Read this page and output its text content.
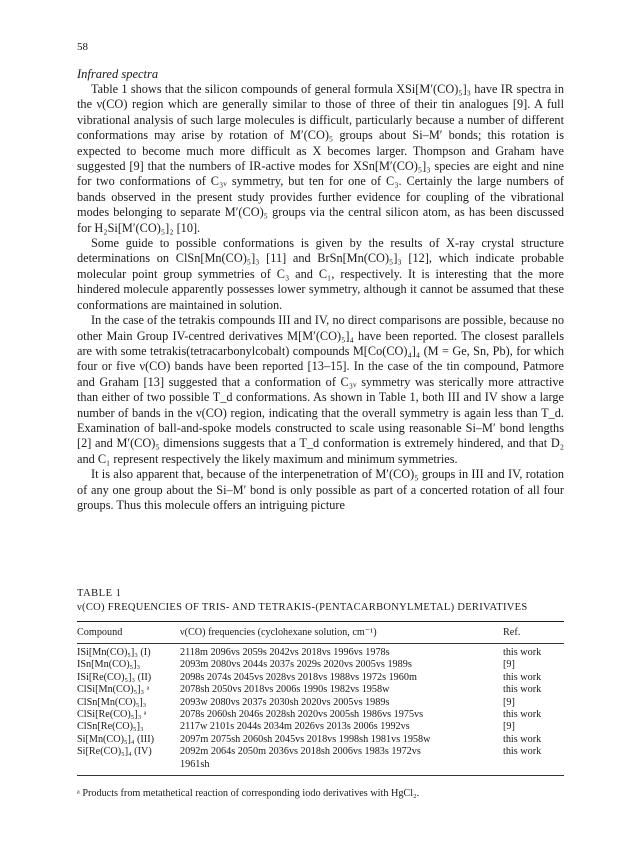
58

Infrared spectra

Table 1 shows that the silicon compounds of general formula XSi[M′(CO)₅]₃ have IR spectra in the ν(CO) region which are generally similar to those of three of their tin analogues [9]. A full vibrational analysis of such large molecules is difficult, particularly because a number of different conformations may arise by rotation of M′(CO)₅ groups about Si–M′ bonds; this rotation is expected to become much more difficult as X becomes larger. Thompson and Graham have suggested [9] that the numbers of IR-active modes for XSn[M′(CO)₅]₃ species are eight and nine for two conformations of C₃ᵥ symmetry, but ten for one of C₃. Certainly the large numbers of bands observed in the present study provides further evidence for coupling of the vibrational modes belonging to separate M′(CO)₅ groups via the central silicon atom, as has been discussed for H₂Si[M′(CO)₅]₂ [10].

Some guide to possible conformations is given by the results of X-ray crystal structure determinations on ClSn[Mn(CO)₅]₃ [11] and BrSn[Mn(CO)₅]₃ [12], which indicate probable molecular point group symmetries of C₃ and C₁, respectively. It is interesting that the more hindered molecule apparently possesses lower symmetry, although it cannot be assumed that these conformations are maintained in solution.

In the case of the tetrakis compounds III and IV, no direct comparisons are possible, because no other Main Group IV-centred derivatives M[M′(CO)₅]₄ have been reported. The closest parallels are with some tetrakis(tetracarbonylcobalt) compounds M[Co(CO)₄]₄ (M = Ge, Sn, Pb), for which four or five ν(CO) bands have been reported [13–15]. In the case of the tin compound, Patmore and Graham [13] suggested that a conformation of C₃ᵥ symmetry was sterically more attractive than either of two possible T_d conformations. As shown in Table 1, both III and IV show a large number of bands in the ν(CO) region, indicating that the overall symmetry is again less than T_d. Examination of ball-and-spoke models constructed to scale using reasonable Si–M′ bond lengths [2] and M′(CO)₅ dimensions suggests that a T_d conformation is extremely hindered, and that D₂ and C₁ represent respectively the likely maximum and minimum symmetries.

It is also apparent that, because of the interpenetration of M′(CO)₅ groups in III and IV, rotation of any one group about the Si–M′ bond is only possible as part of a concerted rotation of all four groups. Thus this molecule offers an intriguing picture

TABLE 1
ν(CO) FREQUENCIES OF TRIS- AND TETRAKIS-(PENTACARBONYLMETAL) DERIVATIVES
Compound	ν(CO) frequencies (cyclohexane solution, cm⁻¹)	Ref.

ISi[Mn(CO)₅]₃ (I)	2118m 2096vs 2059s 2042vs 2018vs 1996vs 1978s	this work
ISn[Mn(CO)₅]₃	2093m 2080vs 2044s 2037s 2029s 2020vs 2005vs 1989s	[9]
ISi[Re(CO)₅]₃ (II)	2098s 2074s 2045vs 2028vs 2018vs 1988vs 1972s 1960m	this work
ClSi[Mn(CO)₅]₃ ᵃ	2078sh 2050vs 2018vs 2006s 1990s 1982vs 1958w	this work
ClSn[Mn(CO)₅]₃	2093w 2080vs 2037s 2030sh 2020vs 2005vs 1989s	[9]
ClSi[Re(CO)₅]₃ ᵃ	2078s 2060sh 2046s 2028sh 2020vs 2005sh 1986vs 1975vs	this work
ClSn[Re(CO)₅]₃	2117w 2101s 2044s 2034m 2026vs 2013s 2006s 1992vs	[9]
Si[Mn(CO)₅]₄ (III)	2097m 2075sh 2060sh 2045vs 2018vs 1998sh 1981vs 1958w	this work
Si[Re(CO)₅]₄ (IV)	2092m 2064s 2050m 2036vs 2018sh 2006vs 1983s 1972vs	this work
	1961sh	

ᵃ Products from metathetical reaction of corresponding iodo derivatives with HgCl₂.
